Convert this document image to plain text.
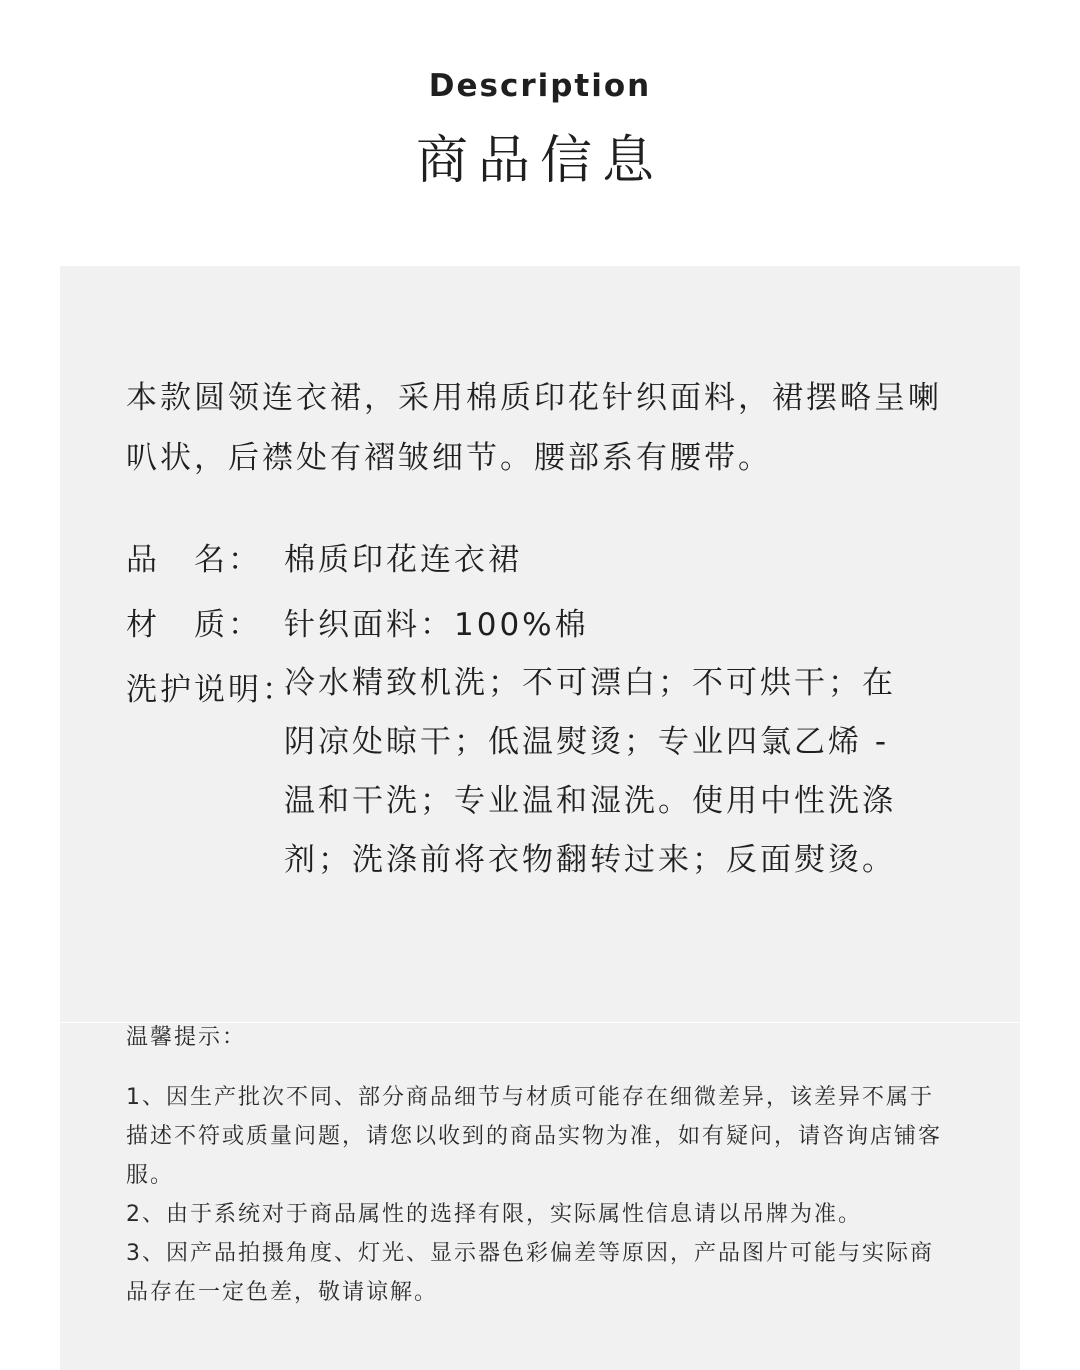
Description
商品信息
本款圆领连衣裙，采用棉质印花针织面料，裙摆略呈喇叭状，后襟处有褶皱细节。腰部系有腰带。
品　名： 棉质印花连衣裙
材　质： 针织面料：100%棉
洗护说明：
冷水精致机洗；不可漂白；不可烘干；在阴凉处晾干；低温熨烫；专业四氯乙烯 - 温和干洗；专业温和湿洗。使用中性洗涤剂；洗涤前将衣物翻转过来；反面熨烫。
温馨提示：
1、因生产批次不同、部分商品细节与材质可能存在细微差异，该差异不属于描述不符或质量问题，请您以收到的商品实物为准，如有疑问，请咨询店铺客服。
2、由于系统对于商品属性的选择有限，实际属性信息请以吊牌为准。
3、因产品拍摄角度、灯光、显示器色彩偏差等原因，产品图片可能与实际商品存在一定色差，敬请谅解。
